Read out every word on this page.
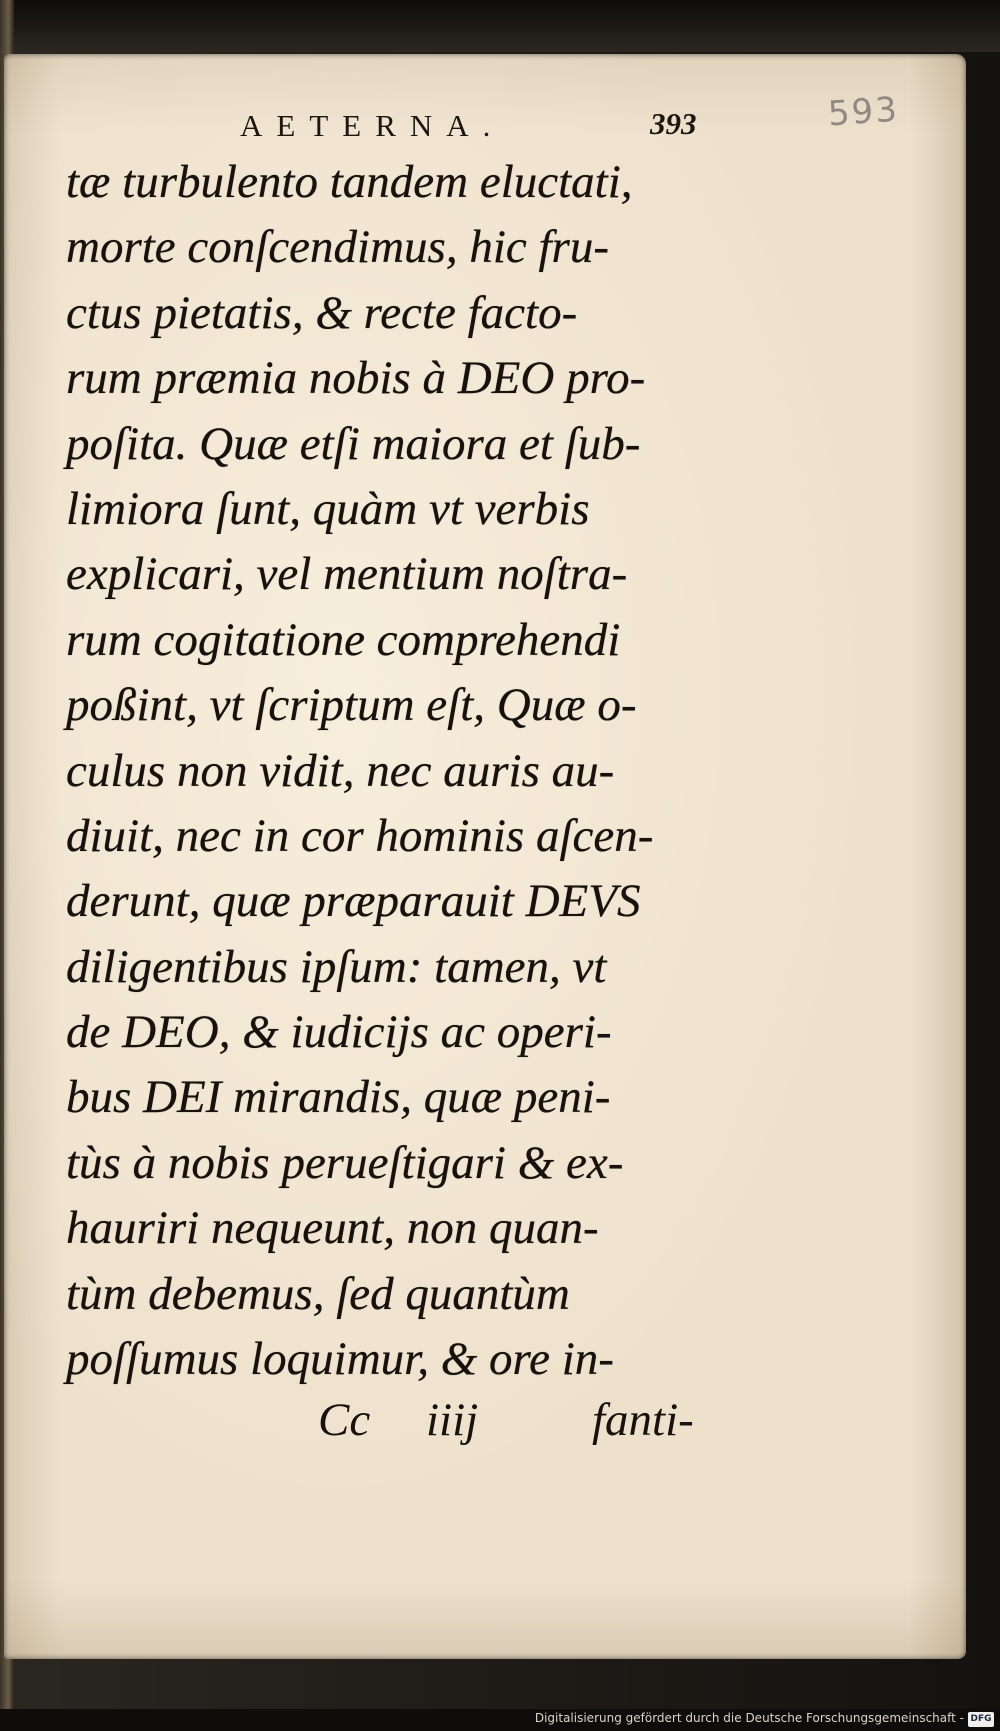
593
AETERNA.	393
tæ turbulento tandem eluctati,
morte conſcendimus, hic fru-
ctus pietatis, & recte facto-
rum præmia nobis à DEO pro-
poſita. Quæ etſi maiora et ſub-
limiora ſunt, quàm vt verbis
explicari, vel mentium noſtra-
rum cogitatione comprehendi
poßint, vt ſcriptum eſt, Quæ o-
culus non vidit, nec auris au-
diuit, nec in cor hominis aſcen-
derunt, quæ præparauit DEVS
diligentibus ipſum: tamen, vt
de DEO, & iudicijs ac operi-
bus DEI mirandis, quæ peni-
tùs à nobis perueſtigari & ex-
hauriri nequeunt, non quan-
tùm debemus, ſed quantùm
poſſumus loquimur, & ore in-
Cc iiij fanti-
Digitalisierung gefördert durch die Deutsche Forschungsgemeinschaft - DFG
